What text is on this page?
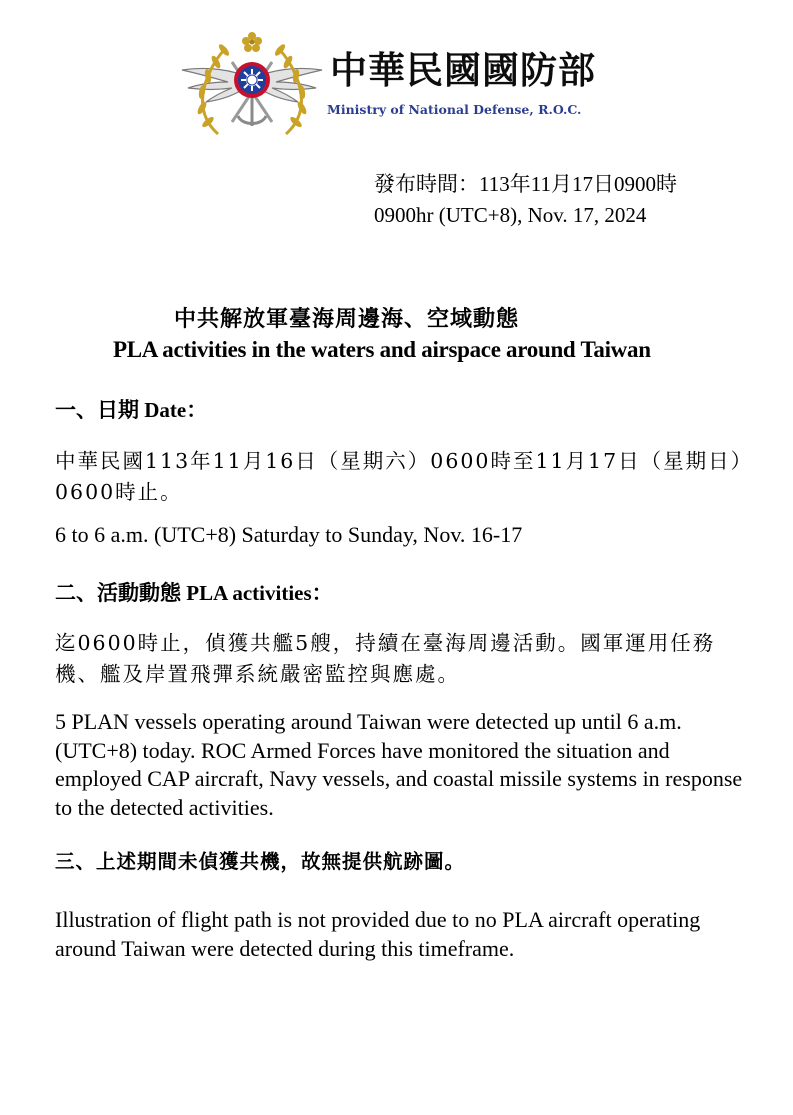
中華民國國防部
Ministry of National Defense, R.O.C.
發布時間：113年11月17日0900時
0900hr (UTC+8), Nov. 17, 2024
中共解放軍臺海周邊海、空域動態
PLA activities in the waters and airspace around Taiwan
一、日期 Date：
中華民國113年11月16日（星期六）0600時至11月17日（星期日）0600時止。
6 to 6 a.m. (UTC+8) Saturday to Sunday, Nov. 16-17
二、活動動態 PLA activities：
迄0600時止，偵獲共艦5艘，持續在臺海周邊活動。國軍運用任務機、艦及岸置飛彈系統嚴密監控與應處。
5 PLAN vessels operating around Taiwan were detected up until 6 a.m. (UTC+8) today. ROC Armed Forces have monitored the situation and employed CAP aircraft, Navy vessels, and coastal missile systems in response to the detected activities.
三、上述期間未偵獲共機，故無提供航跡圖。
Illustration of flight path is not provided due to no PLA aircraft operating around Taiwan were detected during this timeframe.
